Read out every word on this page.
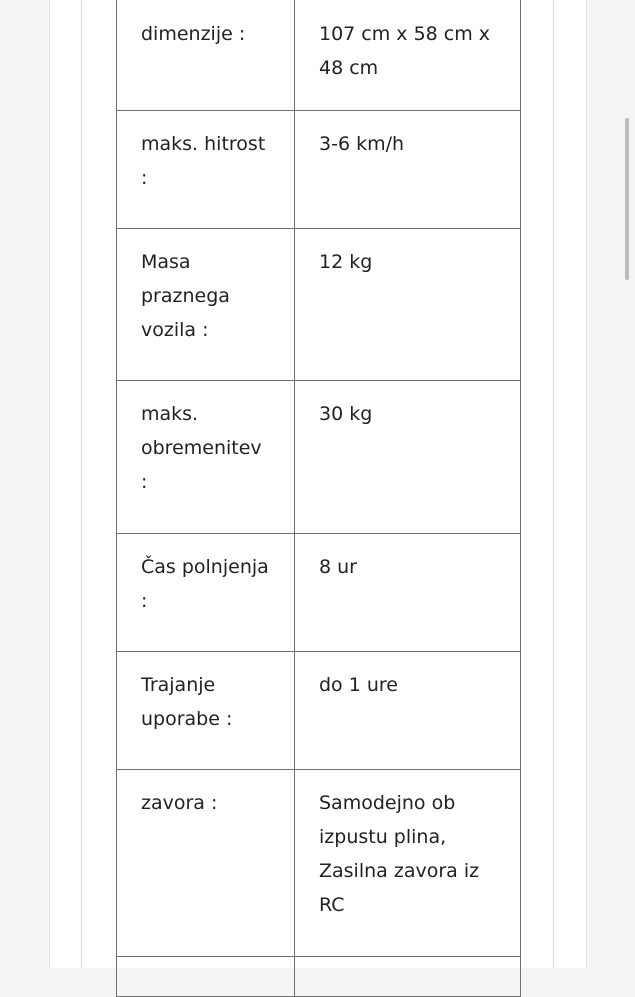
dimenzije :	107 cm x 58 cm x 48 cm
maks. hitrost :	3-6 km/h
Masa praznega vozila :	12 kg
maks. obremenitev :	30 kg
Čas polnjenja :	8 ur
Trajanje uporabe :	do 1 ure
zavora :	Samodejno ob izpustu plina, Zasilna zavora iz RC
